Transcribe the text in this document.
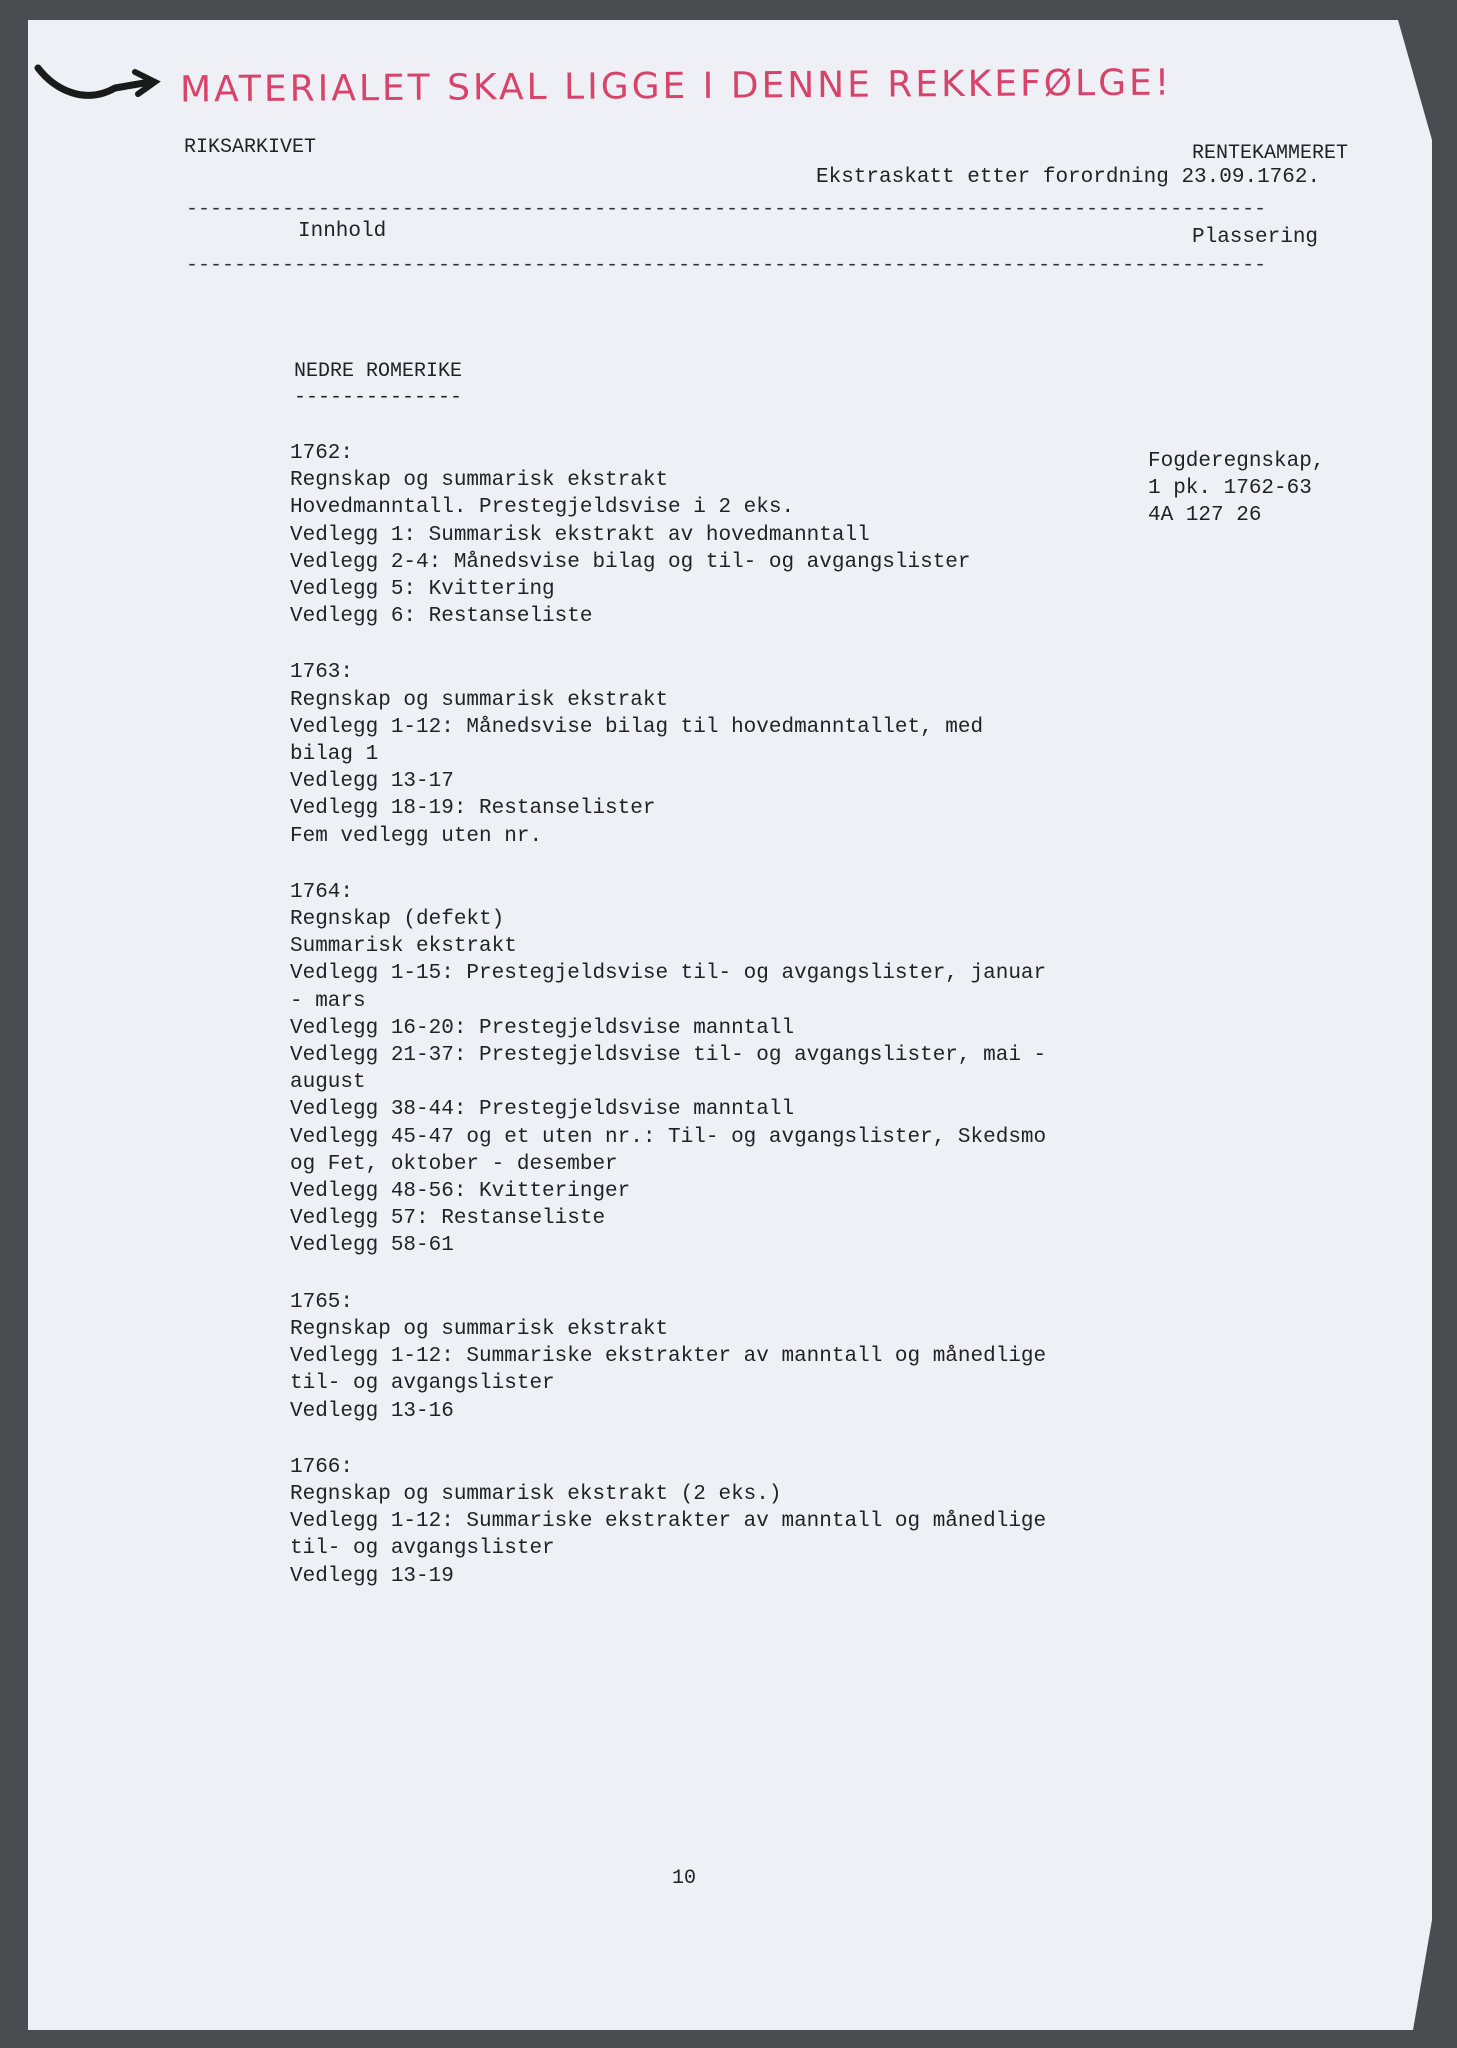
MATERIALET SKAL LIGGE I DENNE REKKEFØLGE!
RIKSARKIVET	RENTEKAMMERET
Ekstraskatt etter forordning 23.09.1762.
------------------------------------------------------------------------------------------
Innhold	Plassering
------------------------------------------------------------------------------------------
NEDRE ROMERIKE
--------------
Fogderegnskap,
1 pk. 1762-63
4A 127 26
1762:
Regnskap og summarisk ekstrakt
Hovedmanntall. Prestegjeldsvise i 2 eks.
Vedlegg 1: Summarisk ekstrakt av hovedmanntall
Vedlegg 2-4: Månedsvise bilag og til- og avgangslister
Vedlegg 5: Kvittering
Vedlegg 6: Restanseliste
1763:
Regnskap og summarisk ekstrakt
Vedlegg 1-12: Månedsvise bilag til hovedmanntallet, med
bilag 1
Vedlegg 13-17
Vedlegg 18-19: Restanselister
Fem vedlegg uten nr.
1764:
Regnskap (defekt)
Summarisk ekstrakt
Vedlegg 1-15: Prestegjeldsvise til- og avgangslister, januar
- mars
Vedlegg 16-20: Prestegjeldsvise manntall
Vedlegg 21-37: Prestegjeldsvise til- og avgangslister, mai -
august
Vedlegg 38-44: Prestegjeldsvise manntall
Vedlegg 45-47 og et uten nr.: Til- og avgangslister, Skedsmo
og Fet, oktober - desember
Vedlegg 48-56: Kvitteringer
Vedlegg 57: Restanseliste
Vedlegg 58-61
1765:
Regnskap og summarisk ekstrakt
Vedlegg 1-12: Summariske ekstrakter av manntall og månedlige
til- og avgangslister
Vedlegg 13-16
1766:
Regnskap og summarisk ekstrakt (2 eks.)
Vedlegg 1-12: Summariske ekstrakter av manntall og månedlige
til- og avgangslister
Vedlegg 13-19
10
